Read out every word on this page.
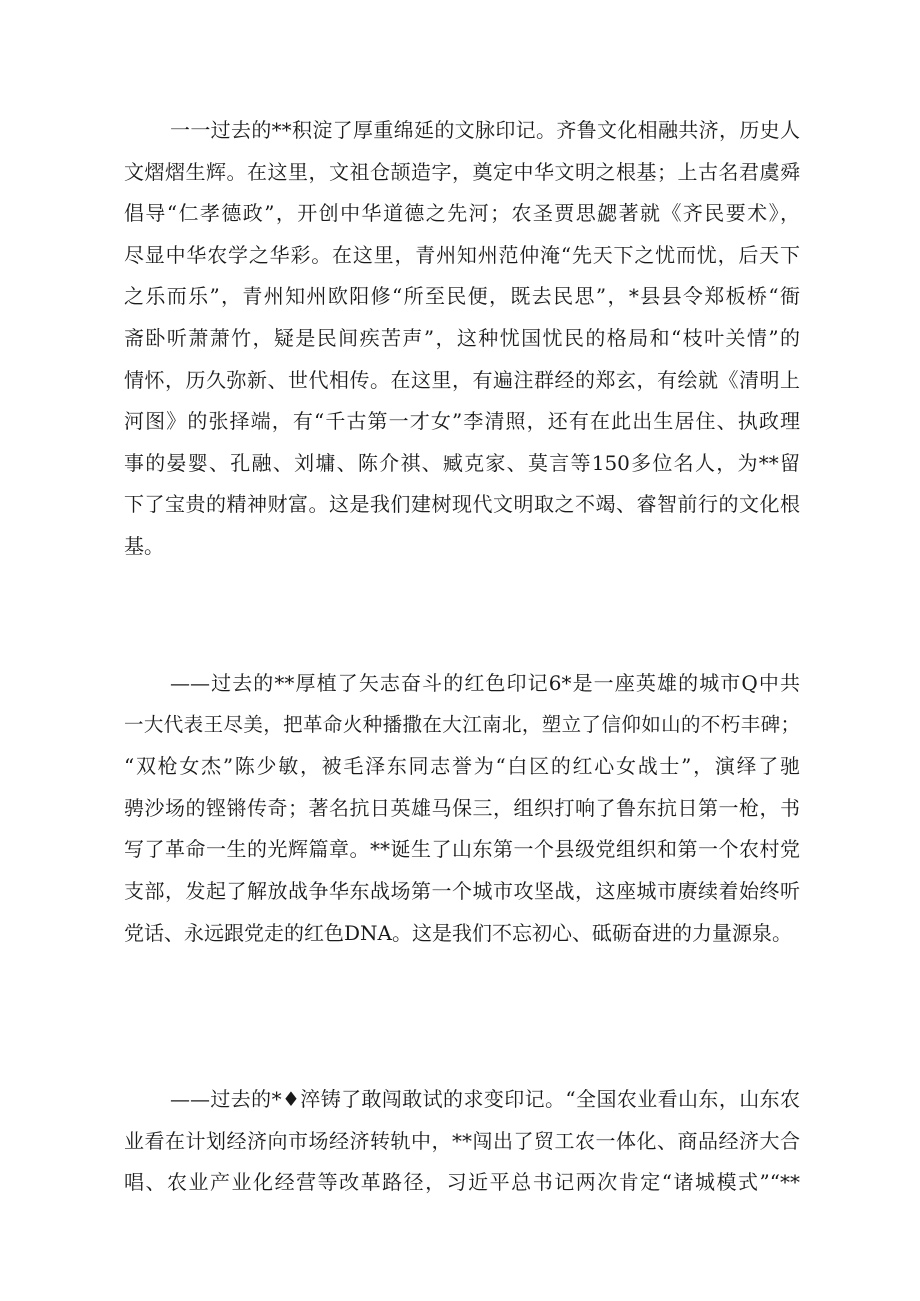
一一过去的**积淀了厚重绵延的文脉印记。齐鲁文化相融共济，历史人
文熠熠生辉。在这里，文祖仓颉造字，奠定中华文明之根基；上古名君虞舜
倡导“仁孝德政”，开创中华道德之先河；农圣贾思勰著就《齐民要术》，
尽显中华农学之华彩。在这里，青州知州范仲淹“先天下之忧而忧，后天下
之乐而乐”，青州知州欧阳修“所至民便，既去民思”，*县县令郑板桥“衙
斋卧听萧萧竹，疑是民间疾苦声”，这种忧国忧民的格局和“枝叶关情”的
情怀，历久弥新、世代相传。在这里，有遍注群经的郑玄，有绘就《清明上
河图》的张择端，有“千古第一才女”李清照，还有在此出生居住、执政理
事的晏婴、孔融、刘墉、陈介祺、臧克家、莫言等150多位名人，为**留
下了宝贵的精神财富。这是我们建树现代文明取之不竭、睿智前行的文化根
基。
——过去的**厚植了矢志奋斗的红色印记6*是一座英雄的城市Q中共
一大代表王尽美，把革命火种播撒在大江南北，塑立了信仰如山的不朽丰碑；
“双枪女杰”陈少敏，被毛泽东同志誉为“白区的红心女战士”，演绎了驰
骋沙场的铿锵传奇；著名抗日英雄马保三，组织打响了鲁东抗日第一枪，书
写了革命一生的光辉篇章。**诞生了山东第一个县级党组织和第一个农村党
支部，发起了解放战争华东战场第一个城市攻坚战，这座城市赓续着始终听
党话、永远跟党走的红色DNA。这是我们不忘初心、砥砺奋进的力量源泉。
——过去的*♦淬铸了敢闯敢试的求变印记。“全国农业看山东，山东农
业看在计划经济向市场经济转轨中，**闯出了贸工农一体化、商品经济大合
唱、农业产业化经营等改革路径，习近平总书记两次肯定“诸城模式”“**
